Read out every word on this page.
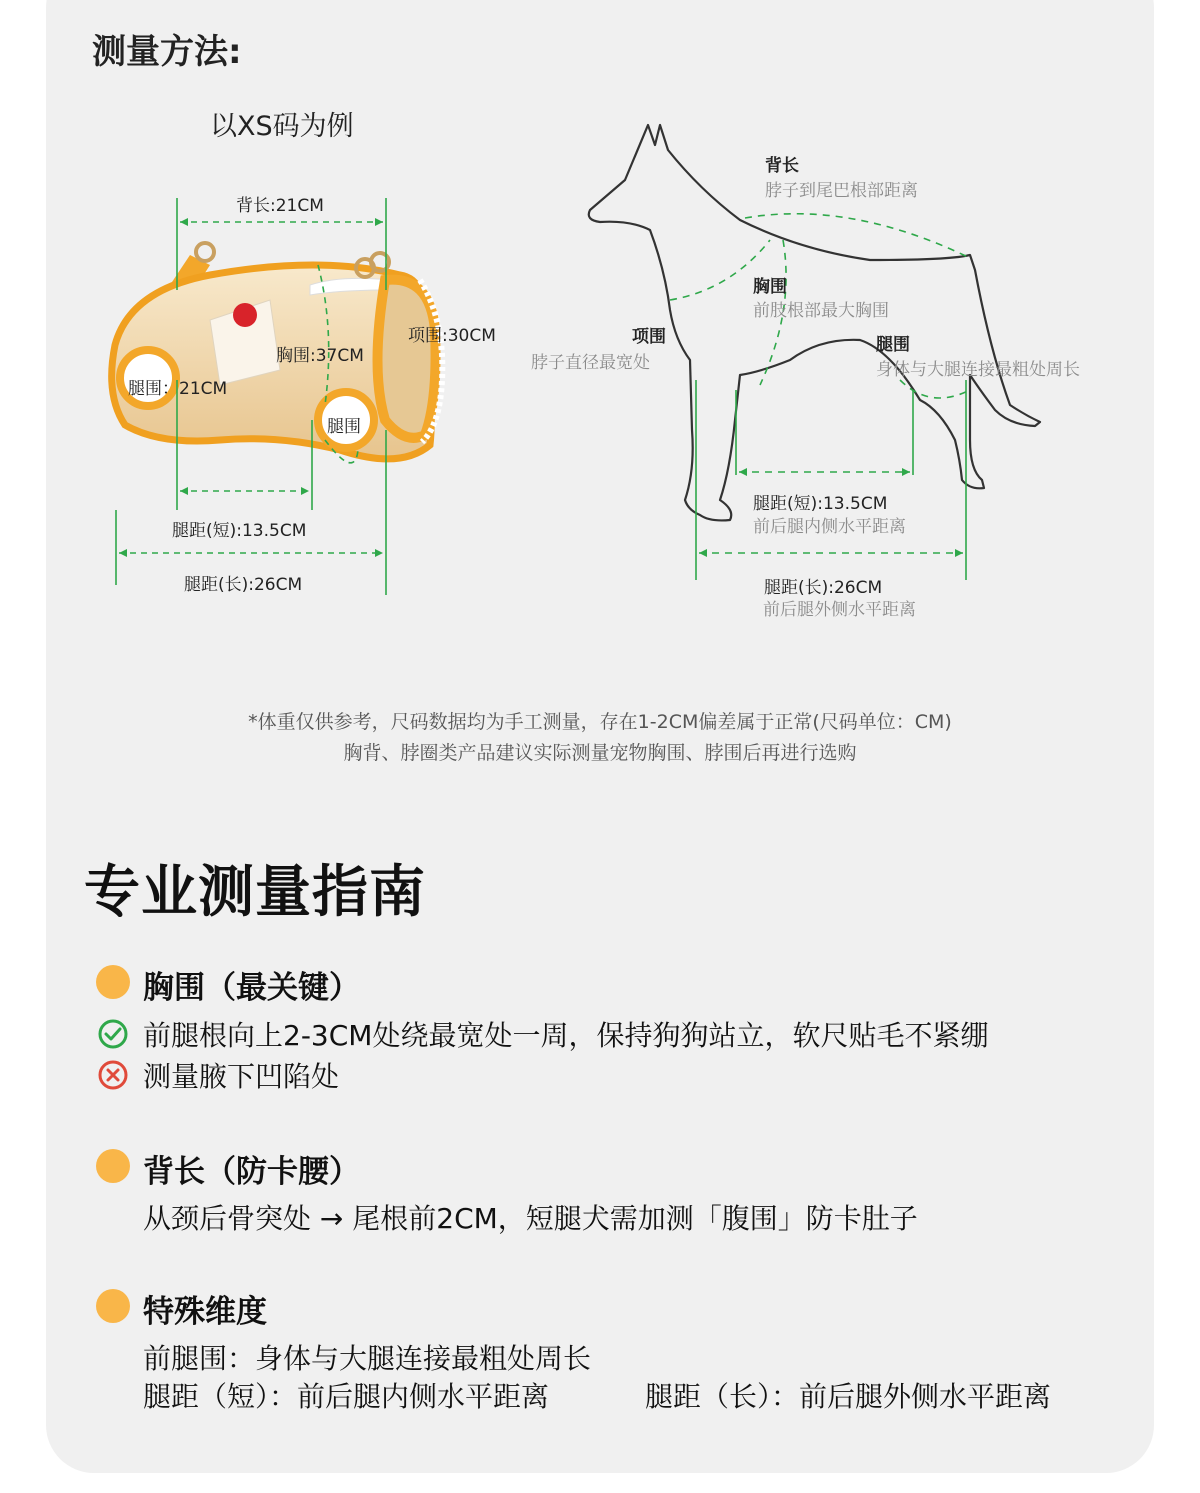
测量方法:
以XS码为例
背长:21CM
项围:30CM
胸围:37CM
腿围：21CM
腿围
腿距(短):13.5CM
腿距(长):26CM
背长
脖子到尾巴根部距离
胸围
前肢根部最大胸围
项围
脖子直径最宽处
腿围
身体与大腿连接最粗处周长
腿距(短):13.5CM
前后腿内侧水平距离
腿距(长):26CM
前后腿外侧水平距离
*体重仅供参考，尺码数据均为手工测量，存在1-2CM偏差属于正常(尺码单位：CM)
胸背、脖圈类产品建议实际测量宠物胸围、脖围后再进行选购
专业测量指南
胸围（最关键）
前腿根向上2-3CM处绕最宽处一周，保持狗狗站立，软尺贴毛不紧绷
测量腋下凹陷处
背长（防卡腰）
从颈后骨突处 → 尾根前2CM，短腿犬需加测「腹围」防卡肚子
特殊维度
前腿围：身体与大腿连接最粗处周长
腿距（短）：前后腿内侧水平距离	腿距（长）：前后腿外侧水平距离
